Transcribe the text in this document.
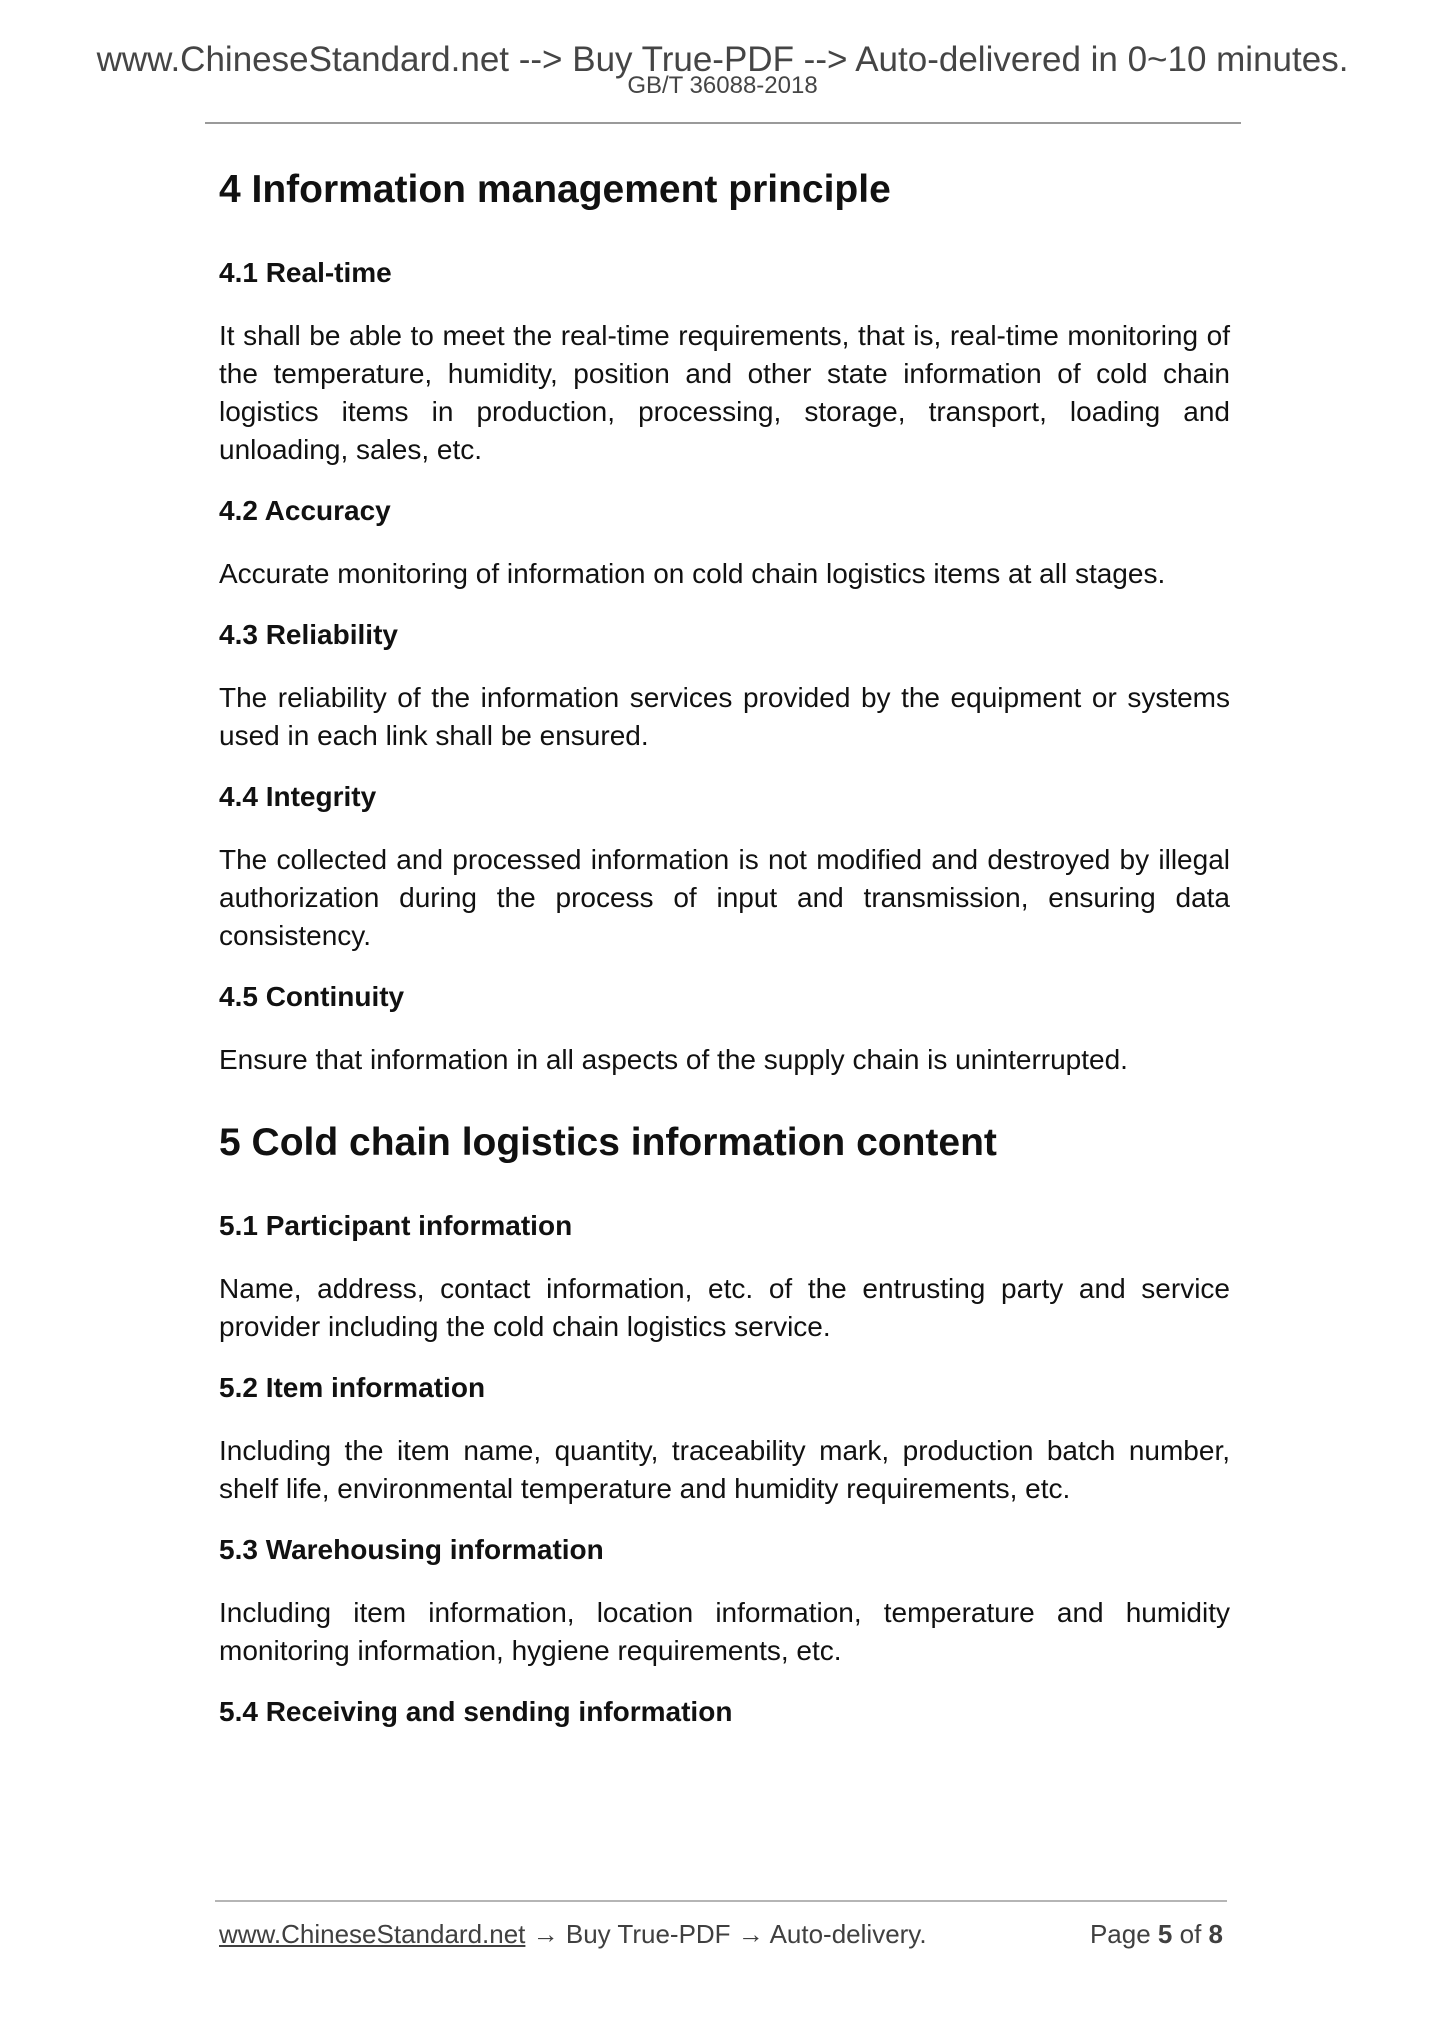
www.ChineseStandard.net --> Buy True-PDF --> Auto-delivered in 0~10 minutes.
GB/T 36088-2018
4 Information management principle
4.1 Real-time

It shall be able to meet the real-time requirements, that is, real-time monitoring of the temperature, humidity, position and other state information of cold chain logistics items in production, processing, storage, transport, loading and unloading, sales, etc.

4.2 Accuracy

Accurate monitoring of information on cold chain logistics items at all stages.

4.3 Reliability

The reliability of the information services provided by the equipment or systems used in each link shall be ensured.

4.4 Integrity

The collected and processed information is not modified and destroyed by illegal authorization during the process of input and transmission, ensuring data consistency.

4.5 Continuity

Ensure that information in all aspects of the supply chain is uninterrupted.

5 Cold chain logistics information content
5.1 Participant information

Name, address, contact information, etc. of the entrusting party and service provider including the cold chain logistics service.

5.2 Item information

Including the item name, quantity, traceability mark, production batch number, shelf life, environmental temperature and humidity requirements, etc.

5.3 Warehousing information

Including item information, location information, temperature and humidity monitoring information, hygiene requirements, etc.

5.4 Receiving and sending information
www.ChineseStandard.net → Buy True-PDF → Auto-delivery.	Page 5 of 8
